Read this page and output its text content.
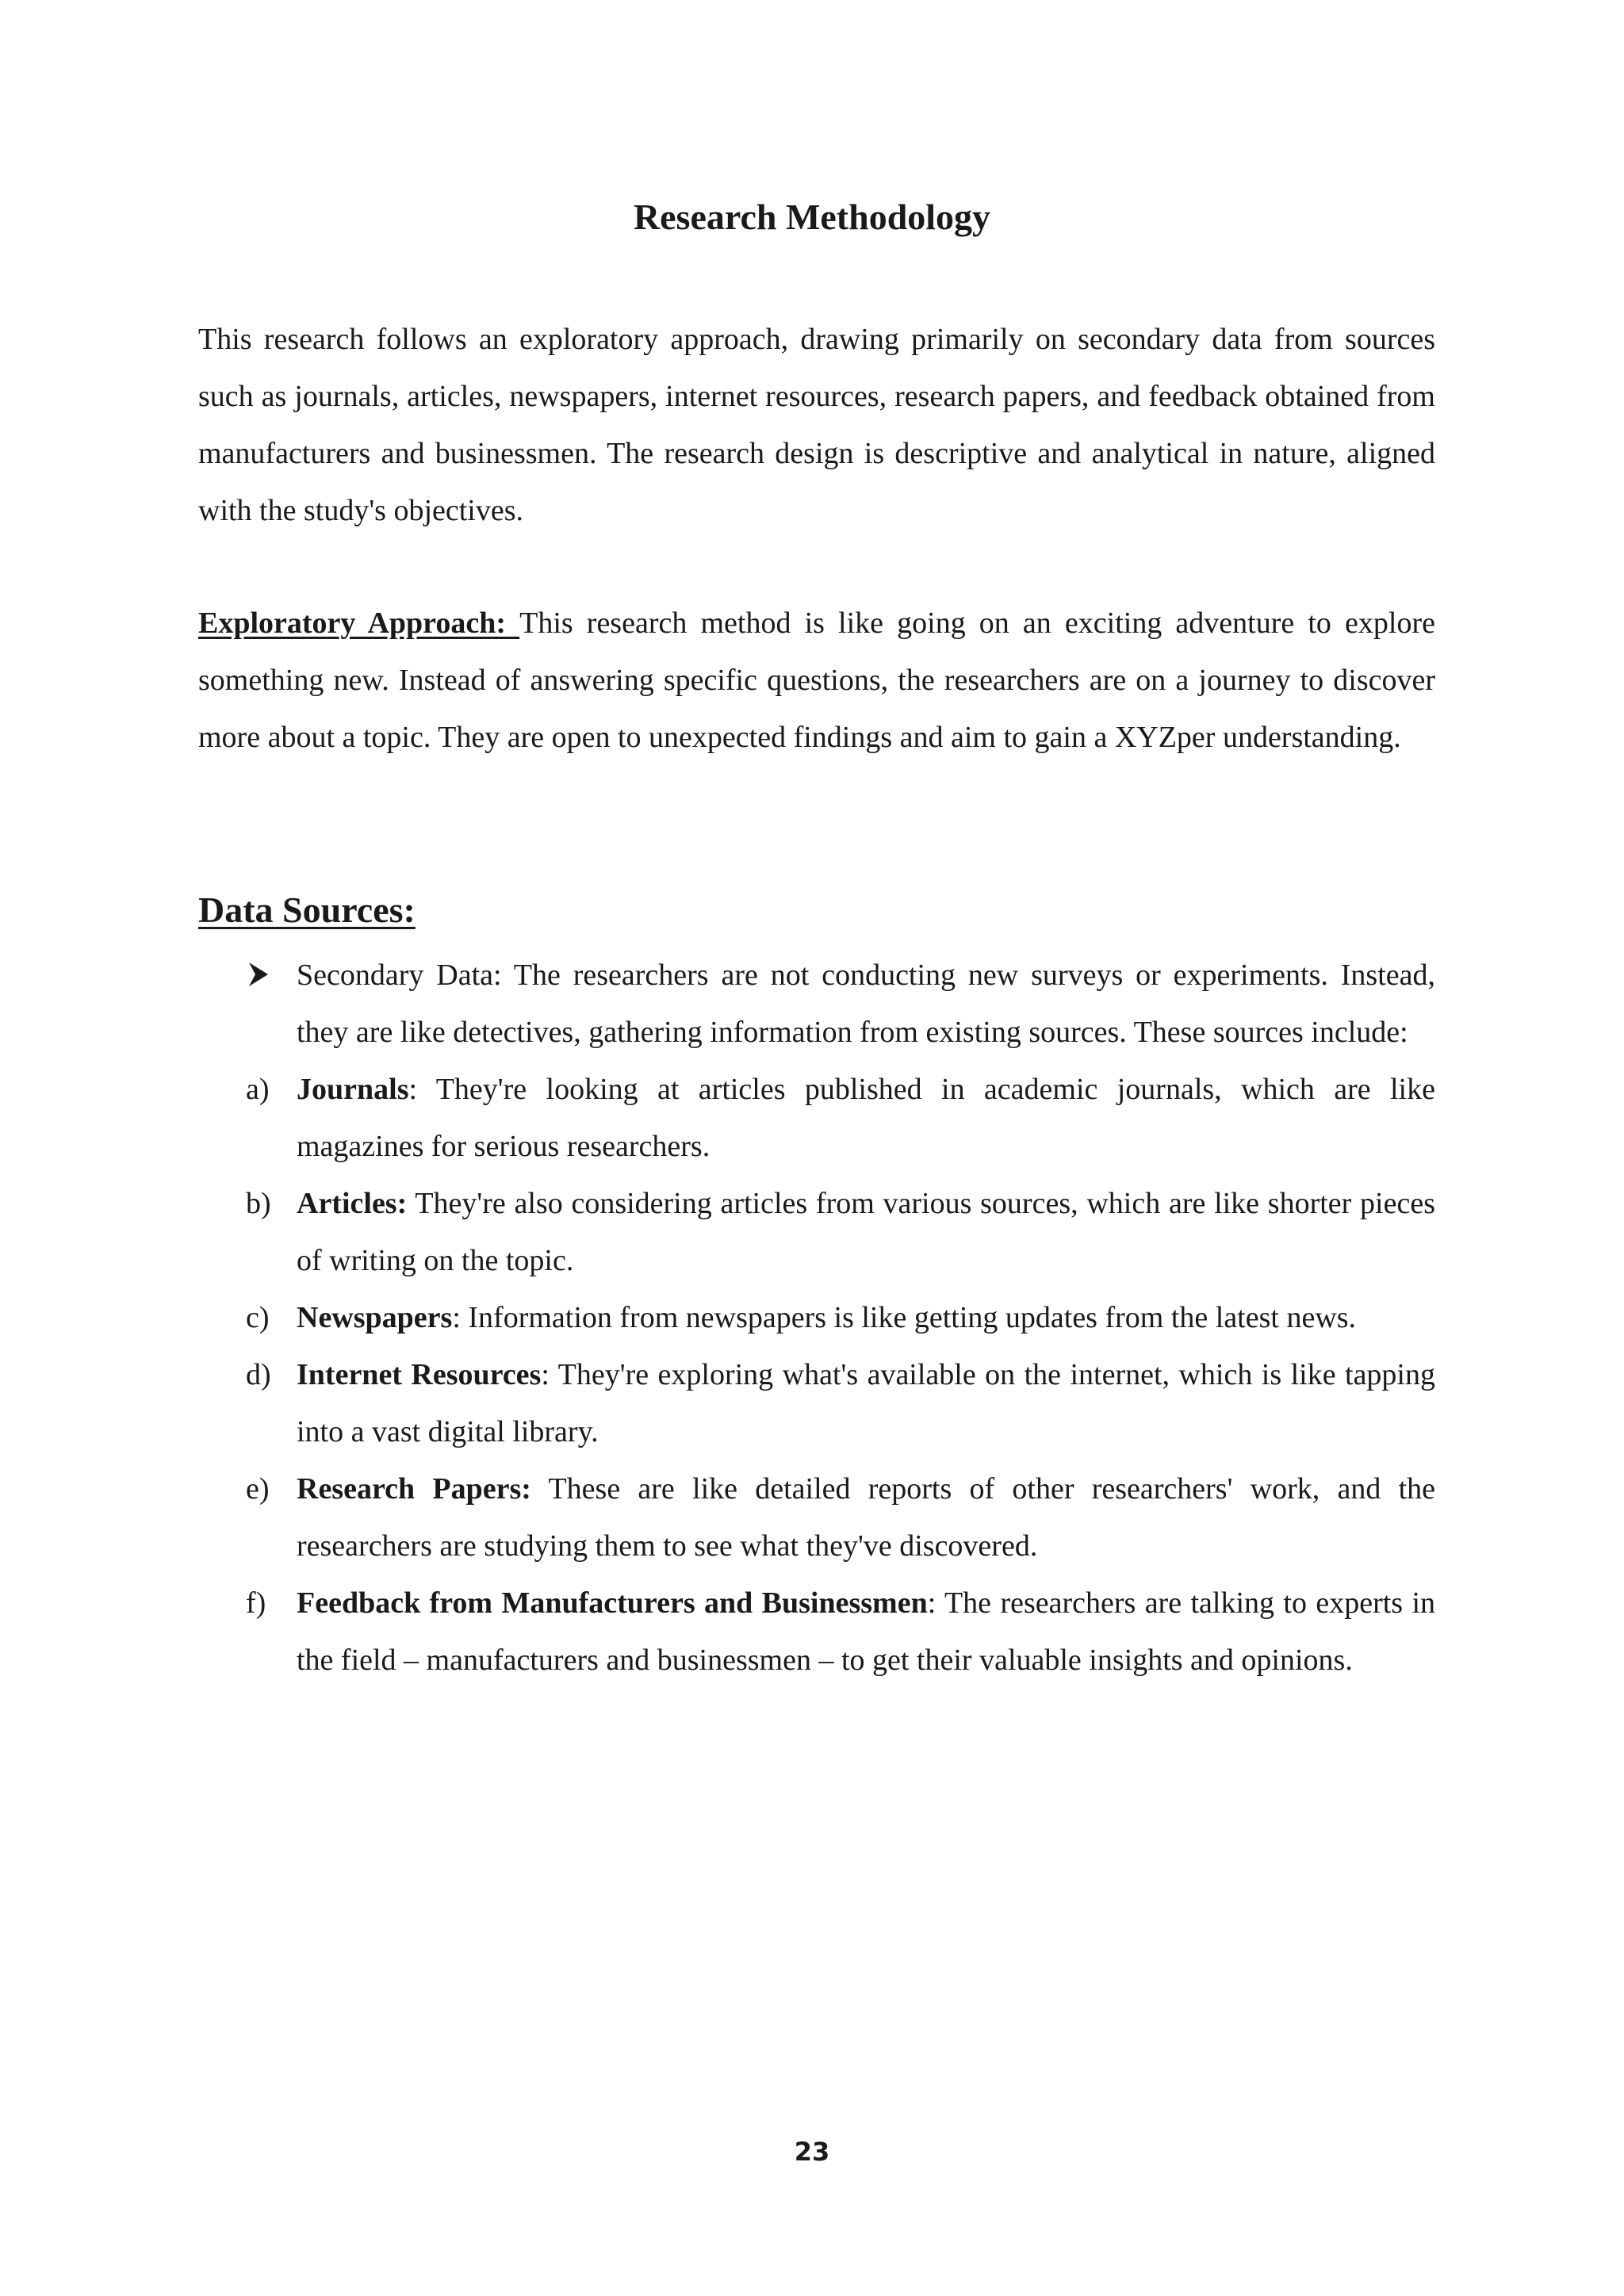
Research Methodology

This research follows an exploratory approach, drawing primarily on secondary data from sources such as journals, articles, newspapers, internet resources, research papers, and feedback obtained from manufacturers and businessmen. The research design is descriptive and analytical in nature, aligned with the study's objectives.

Exploratory Approach: This research method is like going on an exciting adventure to explore something new. Instead of answering specific questions, the researchers are on a journey to discover more about a topic. They are open to unexpected findings and aim to gain a XYZper understanding.

Data Sources:
Secondary Data: The researchers are not conducting new surveys or experiments. Instead, they are like detectives, gathering information from existing sources. These sources include:
a) Journals: They're looking at articles published in academic journals, which are like magazines for serious researchers.
b) Articles: They're also considering articles from various sources, which are like shorter pieces of writing on the topic.
c) Newspapers: Information from newspapers is like getting updates from the latest news.
d) Internet Resources: They're exploring what's available on the internet, which is like tapping into a vast digital library.
e) Research Papers: These are like detailed reports of other researchers' work, and the researchers are studying them to see what they've discovered.
f) Feedback from Manufacturers and Businessmen: The researchers are talking to experts in the field – manufacturers and businessmen – to get their valuable insights and opinions.
23
